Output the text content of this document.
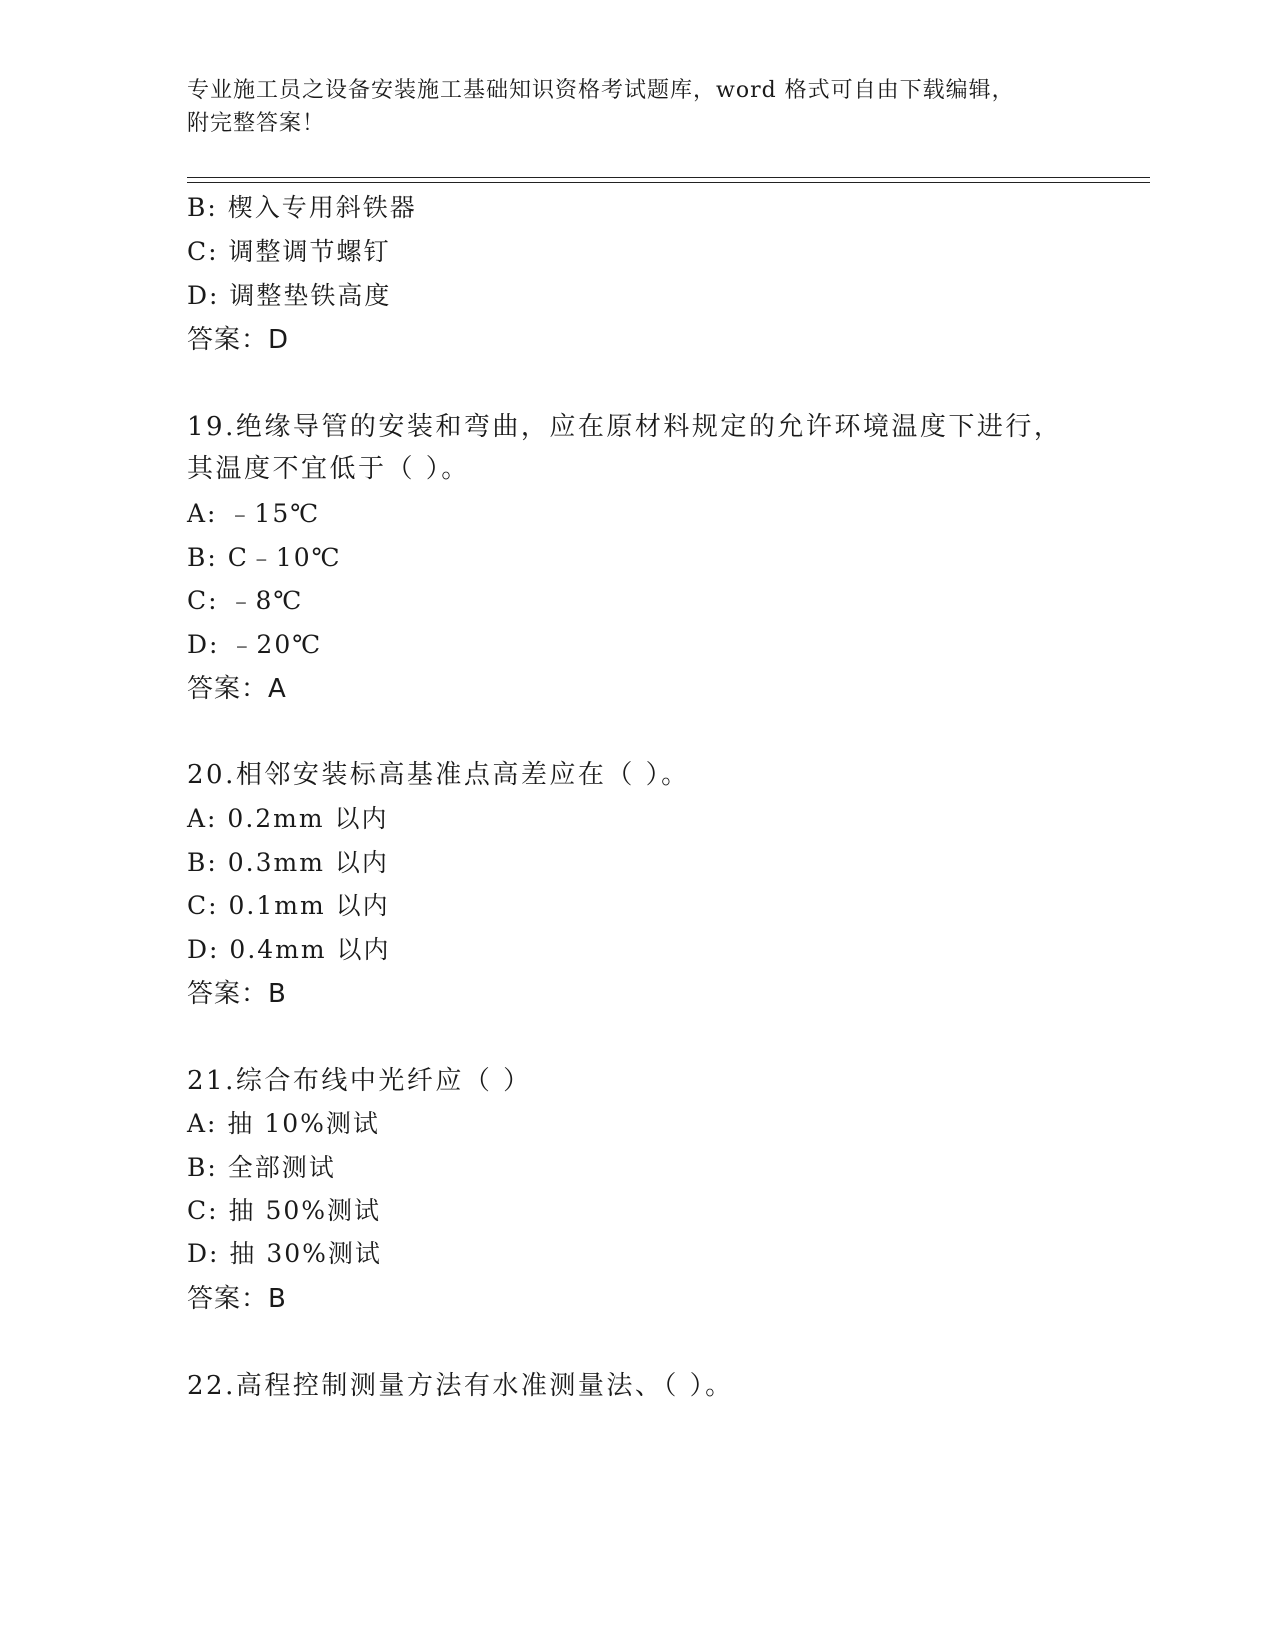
专业施工员之设备安装施工基础知识资格考试题库，word 格式可自由下载编辑，
附完整答案！
B: 楔入专用斜铁器
C: 调整调节螺钉
D: 调整垫铁高度
答案：D
19.绝缘导管的安装和弯曲，应在原材料规定的允许环境温度下进行，
其温度不宜低于（ ）。
A: ﹣15℃
B: C﹣10℃
C: ﹣8℃
D: ﹣20℃
答案：A
20.相邻安装标高基准点高差应在（ ）。
A: 0.2mm 以内
B: 0.3mm 以内
C: 0.1mm 以内
D: 0.4mm 以内
答案：B
21.综合布线中光纤应（ ）
A: 抽 10%测试
B: 全部测试
C: 抽 50%测试
D: 抽 30%测试
答案：B
22.高程控制测量方法有水准测量法、（ ）。
